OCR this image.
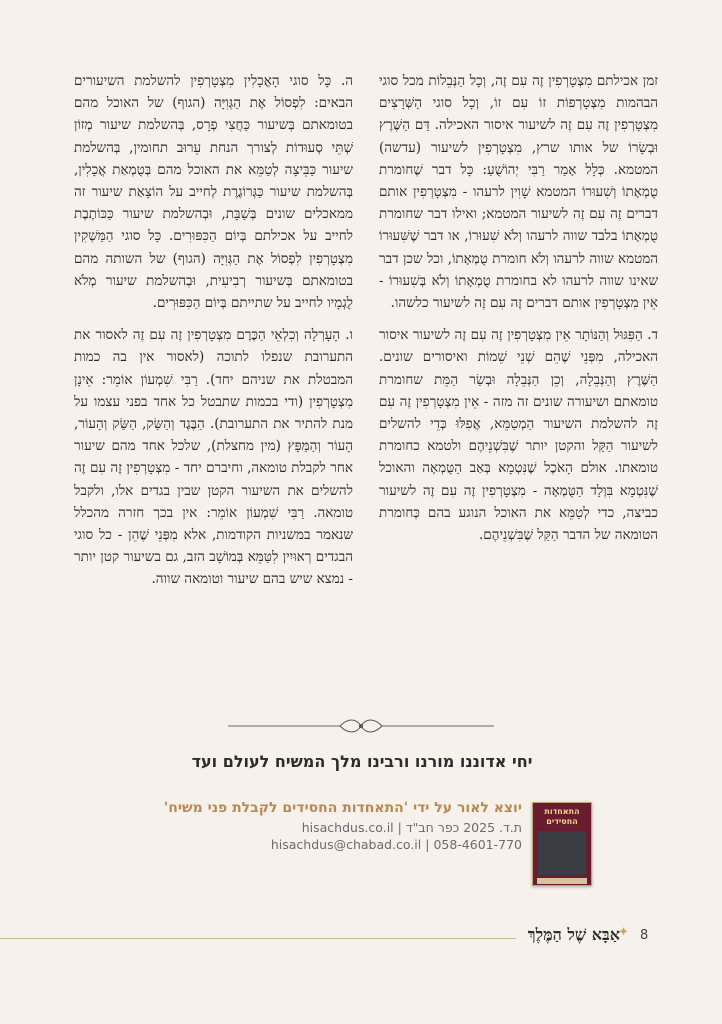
זמן אכילתם מִצְטָרְפִין זֶה עִם זֶה, וְכָל הַנְּבֵלוֹת מכל סוגי הבהמות מִצְטָרְפוֹת זוֹ עִם זוֹ, וְכָל סוגי הַשְּׁרָצִים מִצְטָרְפִין זֶה עִם זֶה לשיעור איסור האכילה. דַּם הַשֶּׁרֶץ וּבְשָׂרוֹ של אותו שרץ, מִצְטָרְפִין לשיעור (עדשה) המטמא. כְּלָל אָמַר רַבִּי יְהוֹשֻׁעַ: כָּל דבר שֶׁחומרת טֻמְאָתוֹ וְשִׁעוּרוֹ המטמא שָׁוִין לרעהו - מִצְטָרְפִין אותם דברים זֶה עִם זֶה לשיעור המטמא; ואילו דבר שחומרת טֻמְאָתוֹ בלבד שווה לרעהו וְלֹא שִׁעוּרוֹ, או דבר שֶׁשִּׁעוּרוֹ המטמא שווה לרעהו וְלֹא חומרת טֻמְאָתוֹ, וכל שכן דבר שאינו שווה לרעהו לא בחומרת טֻמְאָתוֹ וְלֹא בְּשִׁעוּרוֹ - אֵין מִצְטָרְפִין אותם דברים זֶה עִם זֶה לשיעור כלשהו.

ד. הַפִּגּוּל וְהַנּוֹתָר אֵין מִצְטָרְפִין זֶה עִם זֶה לשיעור איסור האכילה, מִפְּנֵי שֶׁהֵם שְׁנֵי שֵׁמוֹת ואיסורים שונים. הַשֶּׁרֶץ וְהַנְּבֵלָה, וְכֵן הַנְּבֵלָה וּבְשַׂר הַמֵּת שחומרת טומאתם ושיעורה שונים זה מזה - אֵין מִצְטָרְפִין זֶה עִם זֶה להשלמת השיעור הַמְטַמֵּא, אֲפִלּוּ כְּדֵי להשלים לשיעור הַקַּל והקטן יותר שֶׁבִּשְׁנֵיהֶם ולטמא כחומרת טומאתו. אולם הָאֹכֶל שֶׁנִּטְמָא בְּאַב הַטֻּמְאָה והאוכל שֶׁנִּטְמָא בִּוְלַד הַטֻּמְאָה - מִצְטָרְפִין זֶה עִם זֶה לשיעור כביצה, כדי לְטַמֵּא את האוכל הנוגע בהם כְּחומרת הטומאה של הדבר הַקַּל שֶׁבִּשְׁנֵיהֶם.

ה. כָּל סוגי הָאֳכָלִין מִצְטָרְפִין להשלמת השיעורים הבאים: לִפְסוֹל אֶת הַגְּוִיָּה (הגוף) של האוכל מהם בטומאתם בְּשיעור כַּחֲצִי פְרָס, בְּהשלמת שיעור מְזוֹן שְׁתֵּי סְעוּדוֹת לְצורך הנחת עֵרוּב תחומין, בְּהשלמת שיעור כַּבֵּיצָה לְטַמֵּא את האוכל מהם בְּטֻמְאַת אֳכָלִין, בְּהשלמת שיעור כַּגְּרוֹגֶרֶת לְחייב על הוֹצָאַת שיעור זה ממאכלים שונים בְּשַׁבָּת, וּבְהשלמת שיעור כַּכּוֹתֶבֶת לחייב על אכילתם בְּיוֹם הַכִּפּוּרִים. כָּל סוגי הַמַּשְׁקִין מִצְטָרְפִין לִפְסוֹל אֶת הַגְּוִיָּה (הגוף) של השותה מהם בטומאתם בְּשיעור רְבִיעִית, וּבְהשלמת שיעור מְלֹא לֻגְמָיו לחייב על שתייתם בְּיוֹם הַכִּפּוּרִים.

ו. הָעָרְלָה וְכִלְאֵי הַכֶּרֶם מִצְטָרְפִין זֶה עִם זֶה לאסור את התערובת שנפלו לתוכה (לאסור אין בה כמות המבטלת את שניהם יחד). רַבִּי שִׁמְעוֹן אוֹמֵר: אֵינָן מִצְטָרְפִין (ודי בכמות שתבטל כל אחד בפני עצמו על מנת להתיר את התערובת). הַבֶּגֶד וְהַשַּׂק, הַשַּׂק וְהָעוֹר, הָעוֹר וְהַמַּפָּץ (מין מחצלת), שלכל אחד מהם שיעור אחר לקבלת טומאה, וחיברם יחד - מִצְטָרְפִין זֶה עִם זֶה להשלים את השיעור הקטן שבין בגדים אלו, ולקבל טומאה. רַבִּי שִׁמְעוֹן אוֹמֵר: אין בכך חזרה מהכלל שנאמר במשניות הקודמות, אלא מִפְּנֵי שֶׁהֵן - כל סוגי הבגדים רְאוּיִין לִטַּמֵּא בְּמוֹשָׁב הזב, גם בשיעור קטן יותר - נמצא שיש בהם שיעור וטומאה שווה.

יחי אדוננו מורנו ורבינו מלך המשיח לעולם ועד
יוצא לאור על ידי 'התאחדות החסידים לקבלת פני משיח'
ת.ד. 2025 כפר חב"ד | hisachdus.co.il
hisachdus@chabad.co.il | 058-4601-770
התאחדות החסידים
אַבָּא שֶׁל הַמֶּלֶךְ
✦ 8
